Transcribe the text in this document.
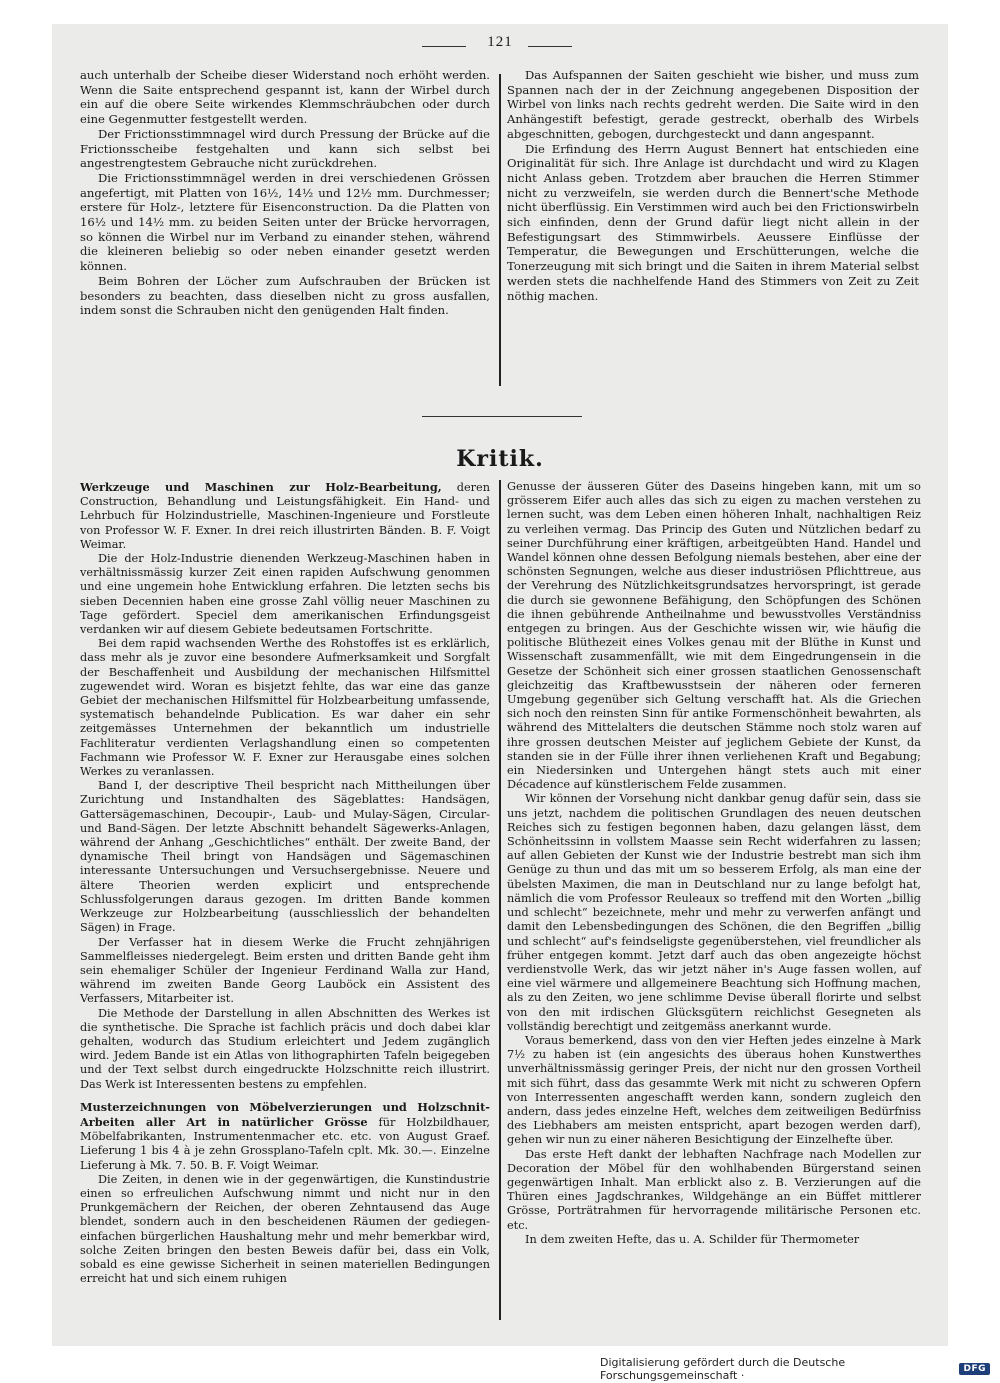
121

auch unterhalb der Scheibe dieser Widerstand noch erhöht werden. Wenn die Saite entsprechend gespannt ist, kann der Wirbel durch ein auf die obere Seite wirkendes Klemmschräubchen oder durch eine Gegenmutter festgestellt werden.

Der Frictionsstimmnagel wird durch Pressung der Brücke auf die Frictionsscheibe festgehalten und kann sich selbst bei angestrengtestem Gebrauche nicht zurückdrehen.

Die Frictionsstimmnägel werden in drei verschiedenen Grössen angefertigt, mit Platten von 16½, 14½ und 12½ mm. Durchmesser; erstere für Holz-, letztere für Eisenconstruction. Da die Platten von 16½ und 14½ mm. zu beiden Seiten unter der Brücke hervorragen, so können die Wirbel nur im Verband zu einander stehen, während die kleineren beliebig so oder neben einander gesetzt werden können.

Beim Bohren der Löcher zum Aufschrauben der Brücken ist besonders zu beachten, dass dieselben nicht zu gross ausfallen, indem sonst die Schrauben nicht den genügenden Halt finden.

Das Aufspannen der Saiten geschieht wie bisher, und muss zum Spannen nach der in der Zeichnung angegebenen Disposition der Wirbel von links nach rechts gedreht werden. Die Saite wird in den Anhängestift befestigt, gerade gestreckt, oberhalb des Wirbels abgeschnitten, gebogen, durchgesteckt und dann angespannt.

Die Erfindung des Herrn August Bennert hat entschieden eine Originalität für sich. Ihre Anlage ist durchdacht und wird zu Klagen nicht Anlass geben. Trotzdem aber brauchen die Herren Stimmer nicht zu verzweifeln, sie werden durch die Bennert'sche Methode nicht überflüssig. Ein Verstimmen wird auch bei den Frictionswirbeln sich einfinden, denn der Grund dafür liegt nicht allein in der Befestigungsart des Stimmwirbels. Aeussere Einflüsse der Temperatur, die Bewegungen und Erschütterungen, welche die Tonerzeugung mit sich bringt und die Saiten in ihrem Material selbst werden stets die nachhelfende Hand des Stimmers von Zeit zu Zeit nöthig machen.

Kritik.

Werkzeuge und Maschinen zur Holz-Bearbeitung, deren Construction, Behandlung und Leistungsfähigkeit. Ein Hand- und Lehrbuch für Holzindustrielle, Maschinen-Ingenieure und Forstleute von Professor W. F. Exner. In drei reich illustrirten Bänden. B. F. Voigt Weimar.

Die der Holz-Industrie dienenden Werkzeug-Maschinen haben in verhältnissmässig kurzer Zeit einen rapiden Aufschwung genommen und eine ungemein hohe Entwicklung erfahren. Die letzten sechs bis sieben Decennien haben eine grosse Zahl völlig neuer Maschinen zu Tage gefördert. Speciel dem amerikanischen Erfindungsgeist verdanken wir auf diesem Gebiete bedeutsamen Fortschritte.

Bei dem rapid wachsenden Werthe des Rohstoffes ist es erklärlich, dass mehr als je zuvor eine besondere Aufmerksamkeit und Sorgfalt der Beschaffenheit und Ausbildung der mechanischen Hilfsmittel zugewendet wird. Woran es bisjetzt fehlte, das war eine das ganze Gebiet der mechanischen Hilfsmittel für Holzbearbeitung umfassende, systematisch behandelnde Publication. Es war daher ein sehr zeitgemässes Unternehmen der bekanntlich um industrielle Fachliteratur verdienten Verlagshandlung einen so competenten Fachmann wie Professor W. F. Exner zur Herausgabe eines solchen Werkes zu veranlassen.

Band I, der descriptive Theil bespricht nach Mittheilungen über Zurichtung und Instandhalten des Sägeblattes: Handsägen, Gattersägemaschinen, Decoupir-, Laub- und Mulay-Sägen, Circular- und Band-Sägen. Der letzte Abschnitt behandelt Sägewerks-Anlagen, während der Anhang „Geschichtliches“ enthält. Der zweite Band, der dynamische Theil bringt von Handsägen und Sägemaschinen interessante Untersuchungen und Versuchsergebnisse. Neuere und ältere Theorien werden explicirt und entsprechende Schlussfolgerungen daraus gezogen. Im dritten Bande kommen Werkzeuge zur Holzbearbeitung (ausschliesslich der behandelten Sägen) in Frage.

Der Verfasser hat in diesem Werke die Frucht zehnjährigen Sammelfleisses niedergelegt. Beim ersten und dritten Bande geht ihm sein ehemaliger Schüler der Ingenieur Ferdinand Walla zur Hand, während im zweiten Bande Georg Lauböck ein Assistent des Verfassers, Mitarbeiter ist.

Die Methode der Darstellung in allen Abschnitten des Werkes ist die synthetische. Die Sprache ist fachlich präcis und doch dabei klar gehalten, wodurch das Studium erleichtert und Jedem zugänglich wird. Jedem Bande ist ein Atlas von lithographirten Tafeln beigegeben und der Text selbst durch eingedruckte Holzschnitte reich illustrirt. Das Werk ist Interessenten bestens zu empfehlen.

Musterzeichnungen von Möbelverzierungen und Holzschnit-Arbeiten aller Art in natürlicher Grösse für Holzbildhauer, Möbelfabrikanten, Instrumentenmacher etc. etc. von August Graef. Lieferung 1 bis 4 à je zehn Grossplano-Tafeln cplt. Mk. 30.—. Einzelne Lieferung à Mk. 7. 50. B. F. Voigt Weimar.

Die Zeiten, in denen wie in der gegenwärtigen, die Kunstindustrie einen so erfreulichen Aufschwung nimmt und nicht nur in den Prunkgemächern der Reichen, der oberen Zehntausend das Auge blendet, sondern auch in den bescheidenen Räumen der gediegen-einfachen bürgerlichen Haushaltung mehr und mehr bemerkbar wird, solche Zeiten bringen den besten Beweis dafür bei, dass ein Volk, sobald es eine gewisse Sicherheit in seinen materiellen Bedingungen erreicht hat und sich einem ruhigen

Genusse der äusseren Güter des Daseins hingeben kann, mit um so grösserem Eifer auch alles das sich zu eigen zu machen verstehen zu lernen sucht, was dem Leben einen höheren Inhalt, nachhaltigen Reiz zu verleihen vermag. Das Princip des Guten und Nützlichen bedarf zu seiner Durchführung einer kräftigen, arbeitgeübten Hand. Handel und Wandel können ohne dessen Befolgung niemals bestehen, aber eine der schönsten Segnungen, welche aus dieser industriösen Pflichttreue, aus der Verehrung des Nützlichkeitsgrundsatzes hervorspringt, ist gerade die durch sie gewonnene Befähigung, den Schöpfungen des Schönen die ihnen gebührende Antheilnahme und bewusstvolles Verständniss entgegen zu bringen. Aus der Geschichte wissen wir, wie häufig die politische Blüthezeit eines Volkes genau mit der Blüthe in Kunst und Wissenschaft zusammenfällt, wie mit dem Eingedrungensein in die Gesetze der Schönheit sich einer grossen staatlichen Genossenschaft gleichzeitig das Kraftbewusstsein der näheren oder ferneren Umgebung gegenüber sich Geltung verschafft hat. Als die Griechen sich noch den reinsten Sinn für antike Formenschönheit bewahrten, als während des Mittelalters die deutschen Stämme noch stolz waren auf ihre grossen deutschen Meister auf jeglichem Gebiete der Kunst, da standen sie in der Fülle ihrer ihnen verliehenen Kraft und Begabung; ein Niedersinken und Untergehen hängt stets auch mit einer Décadence auf künstlerischem Felde zusammen.

Wir können der Vorsehung nicht dankbar genug dafür sein, dass sie uns jetzt, nachdem die politischen Grundlagen des neuen deutschen Reiches sich zu festigen begonnen haben, dazu gelangen lässt, dem Schönheitssinn in vollstem Maasse sein Recht widerfahren zu lassen; auf allen Gebieten der Kunst wie der Industrie bestrebt man sich ihm Genüge zu thun und das mit um so besserem Erfolg, als man eine der übelsten Maximen, die man in Deutschland nur zu lange befolgt hat, nämlich die vom Professor Reuleaux so treffend mit den Worten „billig und schlecht“ bezeichnete, mehr und mehr zu verwerfen anfängt und damit den Lebensbedingungen des Schönen, die den Begriffen „billig und schlecht“ auf's feindseligste gegenüberstehen, viel freundlicher als früher entgegen kommt. Jetzt darf auch das oben angezeigte höchst verdienstvolle Werk, das wir jetzt näher in's Auge fassen wollen, auf eine viel wärmere und allgemeinere Beachtung sich Hoffnung machen, als zu den Zeiten, wo jene schlimme Devise überall florirte und selbst von den mit irdischen Glücksgütern reichlichst Gesegneten als vollständig berechtigt und zeitgemäss anerkannt wurde.

Voraus bemerkend, dass von den vier Heften jedes einzelne à Mark 7½ zu haben ist (ein angesichts des überaus hohen Kunstwerthes unverhältnissmässig geringer Preis, der nicht nur den grossen Vortheil mit sich führt, dass das gesammte Werk mit nicht zu schweren Opfern von Interressenten angeschafft werden kann, sondern zugleich den andern, dass jedes einzelne Heft, welches dem zeitweiligen Bedürfniss des Liebhabers am meisten entspricht, apart bezogen werden darf), gehen wir nun zu einer näheren Besichtigung der Einzelhefte über.

Das erste Heft dankt der lebhaften Nachfrage nach Modellen zur Decoration der Möbel für den wohlhabenden Bürgerstand seinen gegenwärtigen Inhalt. Man erblickt also z. B. Verzierungen auf die Thüren eines Jagdschrankes, Wildgehänge an ein Büffet mittlerer Grösse, Porträtrahmen für hervorragende militärische Personen etc. etc.

In dem zweiten Hefte, das u. A. Schilder für Thermometer

Digitalisierung gefördert durch die Deutsche Forschungsgemeinschaft ·	DFG
